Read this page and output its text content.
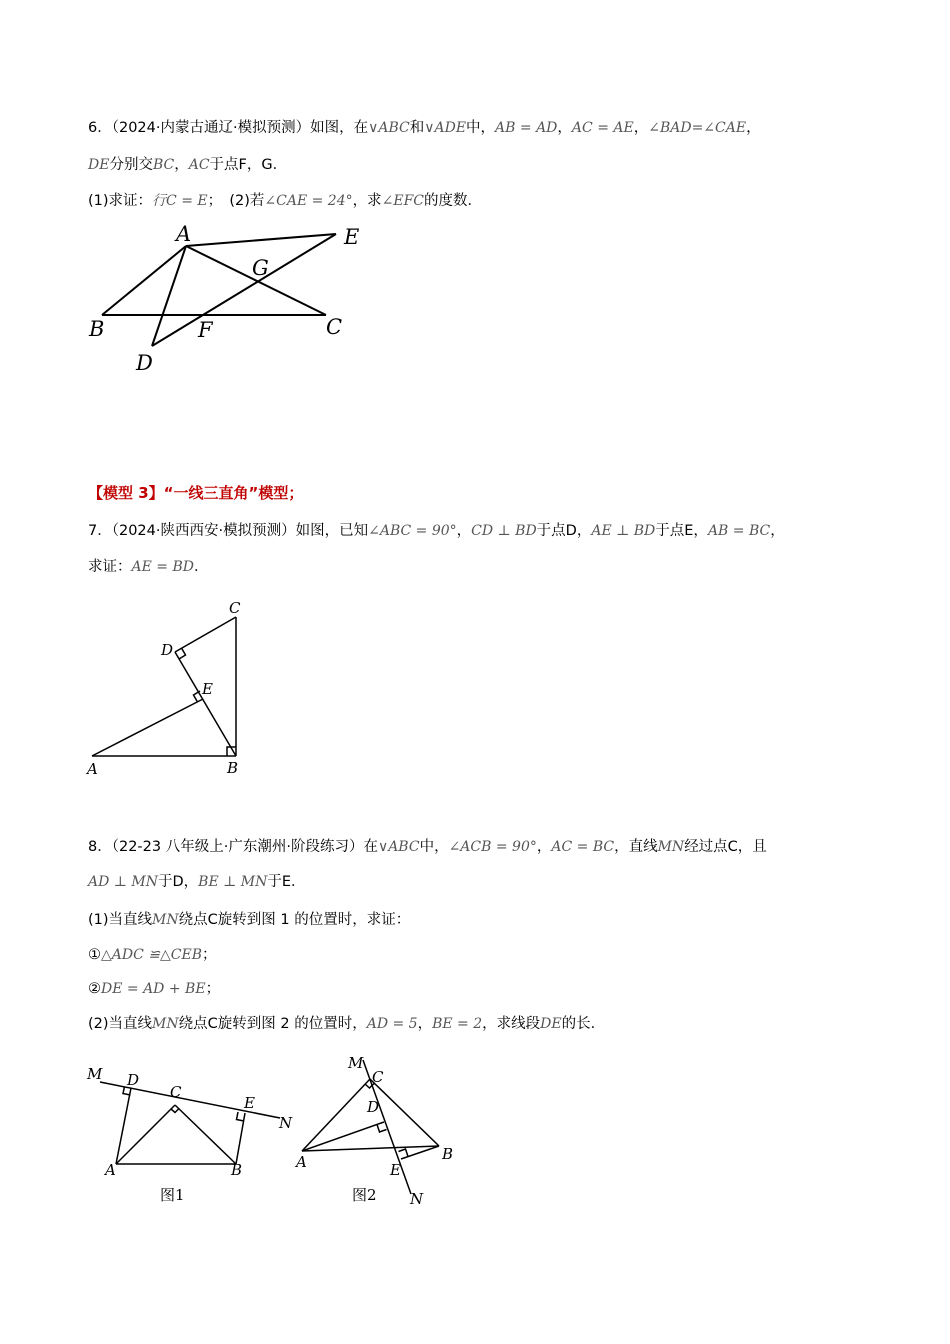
6．（2024·内蒙古通辽·模拟预测）如图，在∨ABC和∨ADE中，AB = AD，AC = AE，∠BAD=∠CAE，
DE分别交BC，AC于点F，G．
(1)求证：行C = E；　(2)若∠CAE = 24°，求∠EFC的度数．
A	E
G
B	F	C
D
【模型 3】“一线三直角”模型；
7．（2024·陕西西安·模拟预测）如图，已知∠ABC = 90°，CD ⊥ BD于点D，AE ⊥ BD于点E，AB = BC，
求证：AE = BD．
C
D
E
A	B
8．（22-23 八年级上·广东潮州·阶段练习）在∨ABC中，∠ACB = 90°，AC = BC，直线MN经过点C，且
AD ⊥ MN于D，BE ⊥ MN于E．
(1)当直线MN绕点C旋转到图 1 的位置时，求证：
①△ADC ≌△CEB；
②DE = AD + BE；
(2)当直线MN绕点C旋转到图 2 的位置时，AD = 5，BE = 2，求线段DE的长．
M D
C
E
N
A	B
图1
M
C
D
A	B
E
N
图2
